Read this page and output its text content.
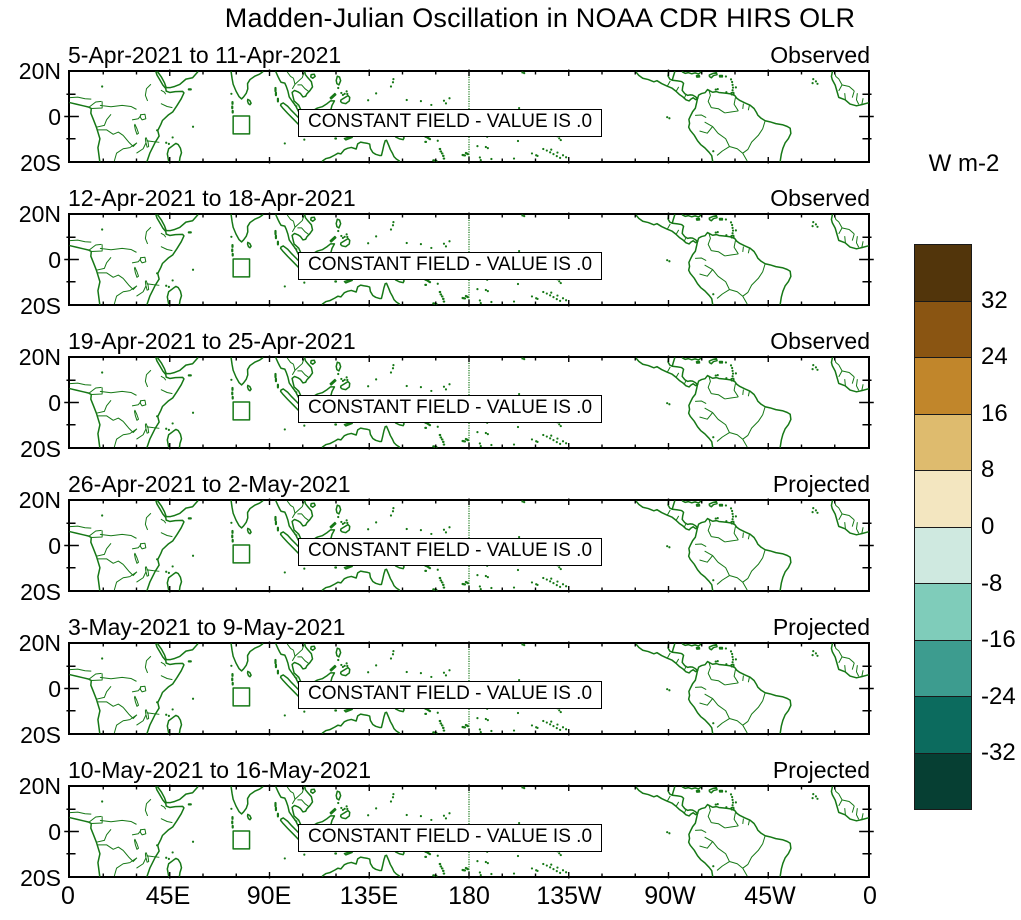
Madden-Julian Oscillation in NOAA CDR HIRS OLR
5-Apr-2021 to 11-Apr-2021	Observed
20N
0
20S
CONSTANT FIELD - VALUE IS .0
12-Apr-2021 to 18-Apr-2021	Observed
20N
0
20S
CONSTANT FIELD - VALUE IS .0
19-Apr-2021 to 25-Apr-2021	Observed
20N
0
20S
CONSTANT FIELD - VALUE IS .0
26-Apr-2021 to 2-May-2021	Projected
20N
0
20S
CONSTANT FIELD - VALUE IS .0
3-May-2021 to 9-May-2021	Projected
20N
0
20S
CONSTANT FIELD - VALUE IS .0
10-May-2021 to 16-May-2021	Projected
20N
0
20S
CONSTANT FIELD - VALUE IS .0
0	45E 90E 135E 180 135W 90W 45W	0
W m-2
32
24
16
8
0
-8
-16
-24
-32
